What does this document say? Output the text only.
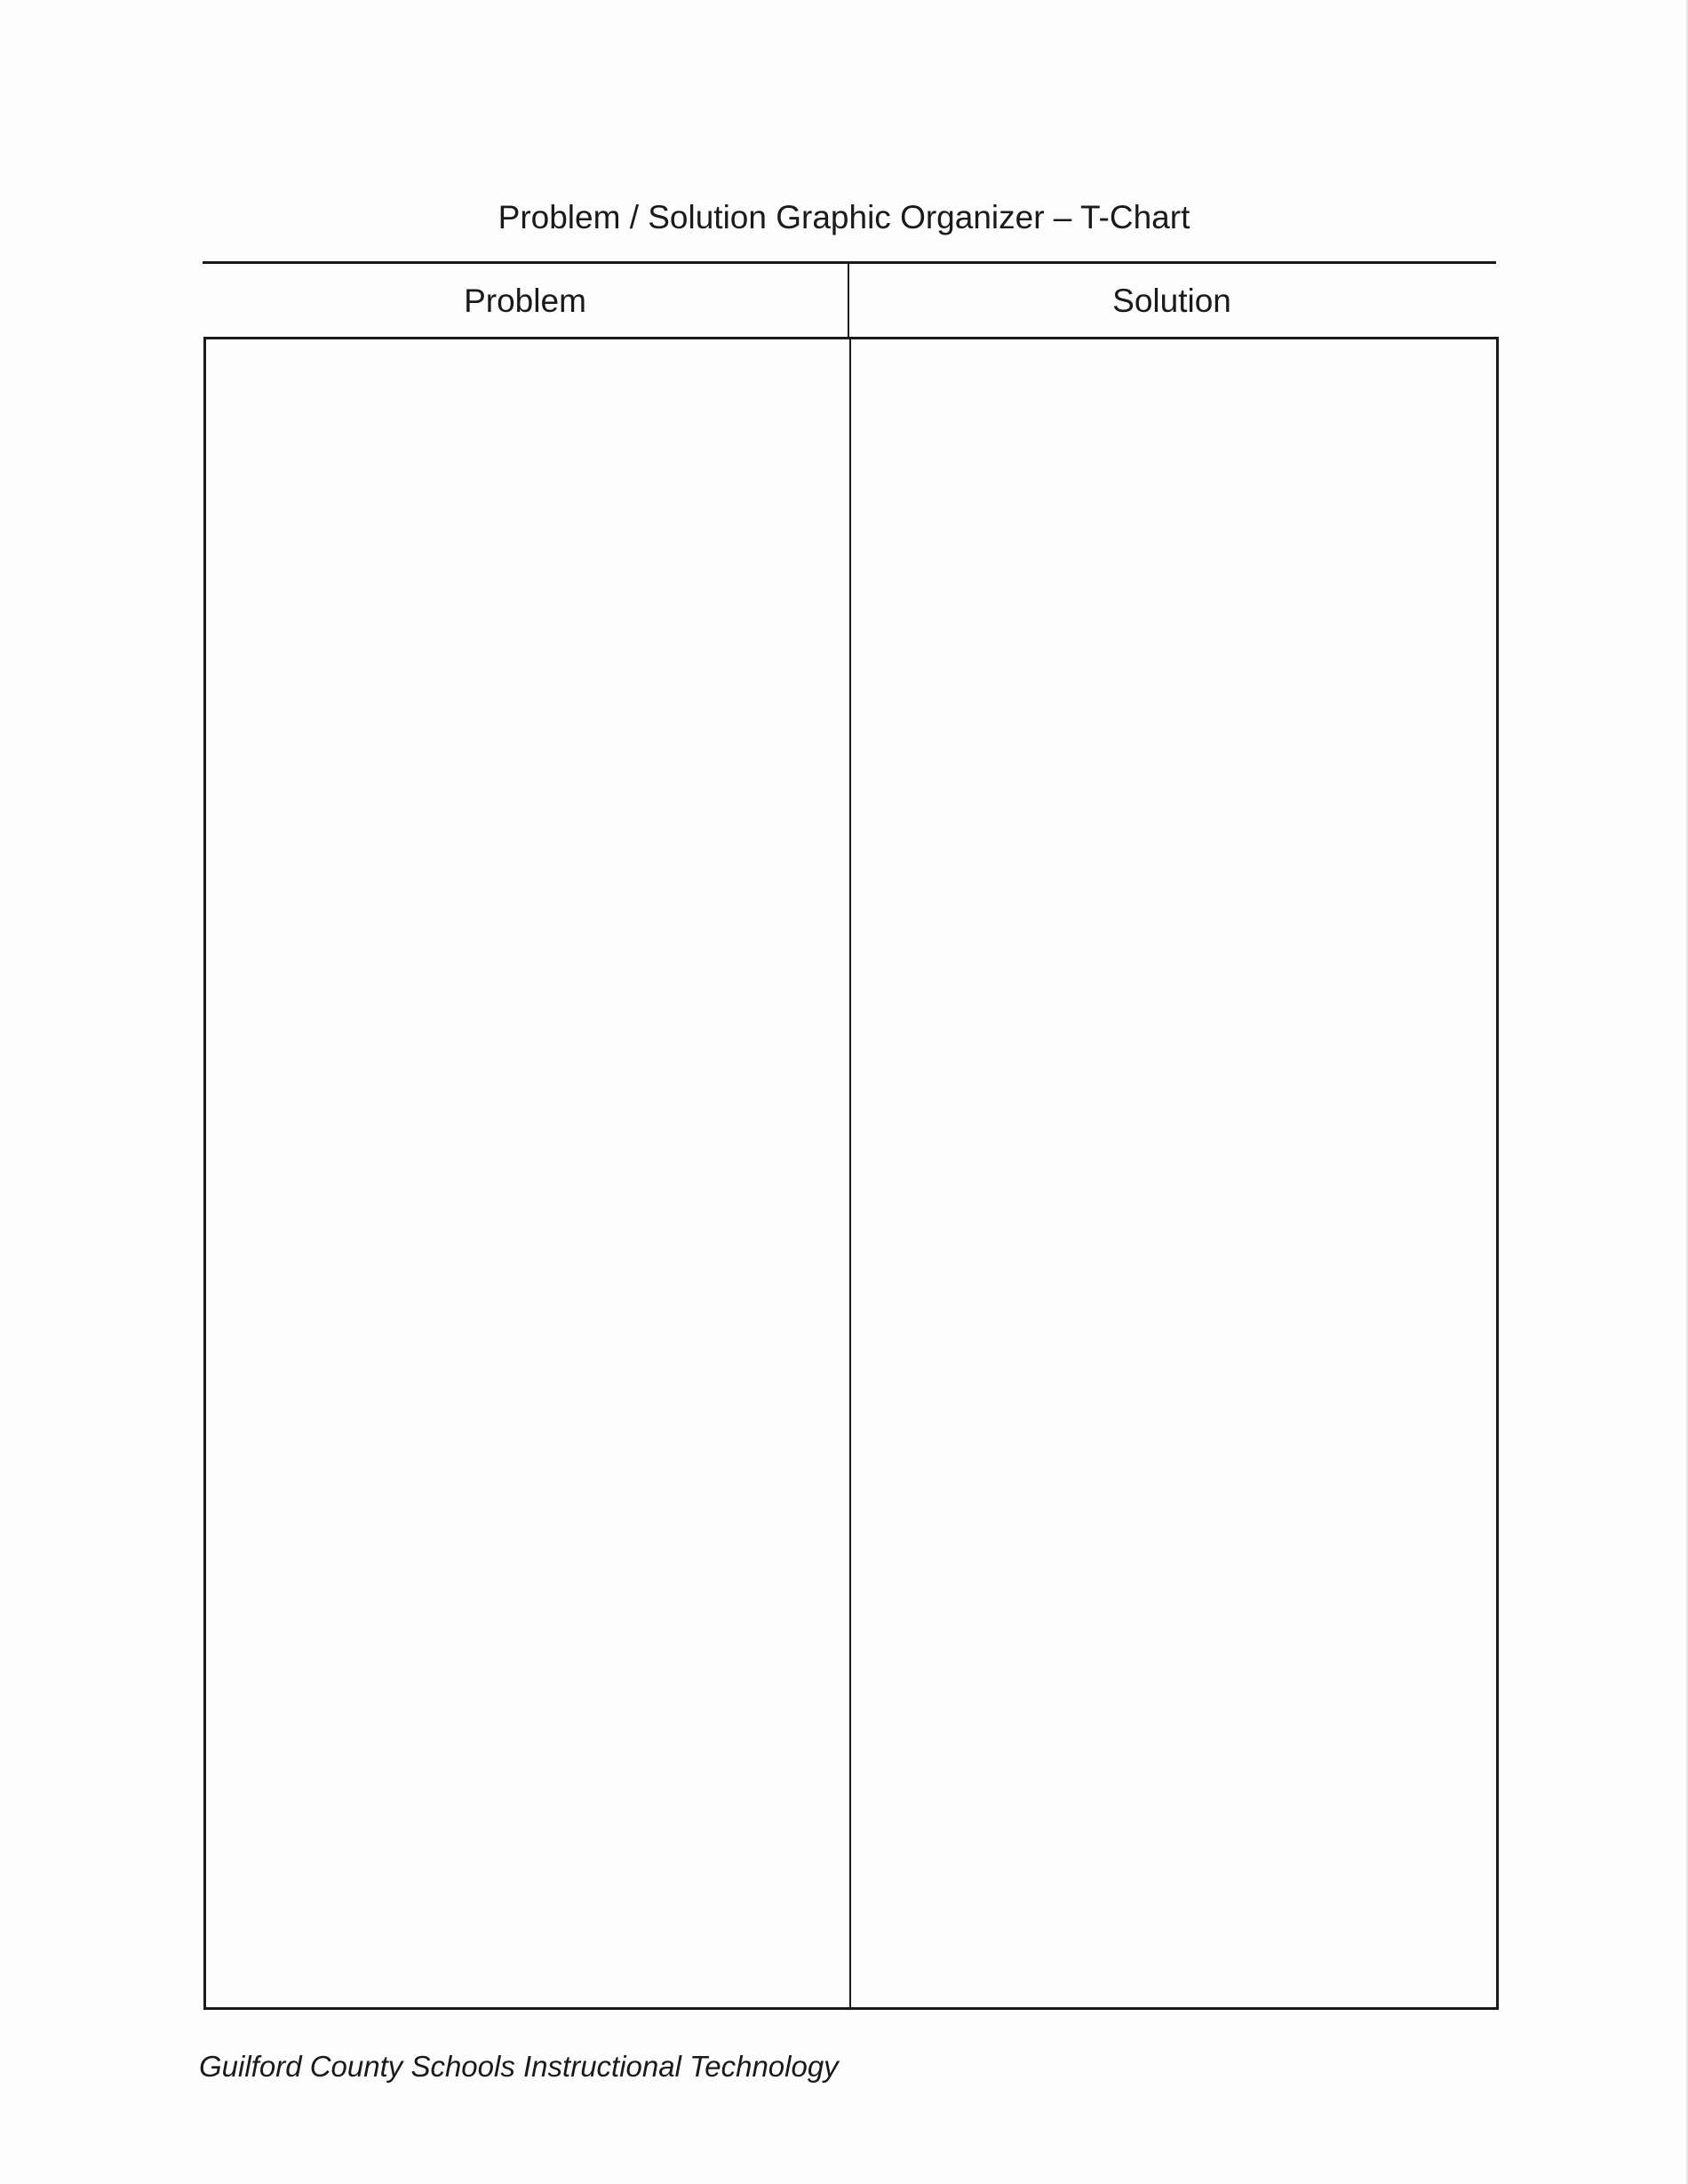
Problem / Solution Graphic Organizer – T-Chart
Problem	Solution
Guilford County Schools Instructional Technology
